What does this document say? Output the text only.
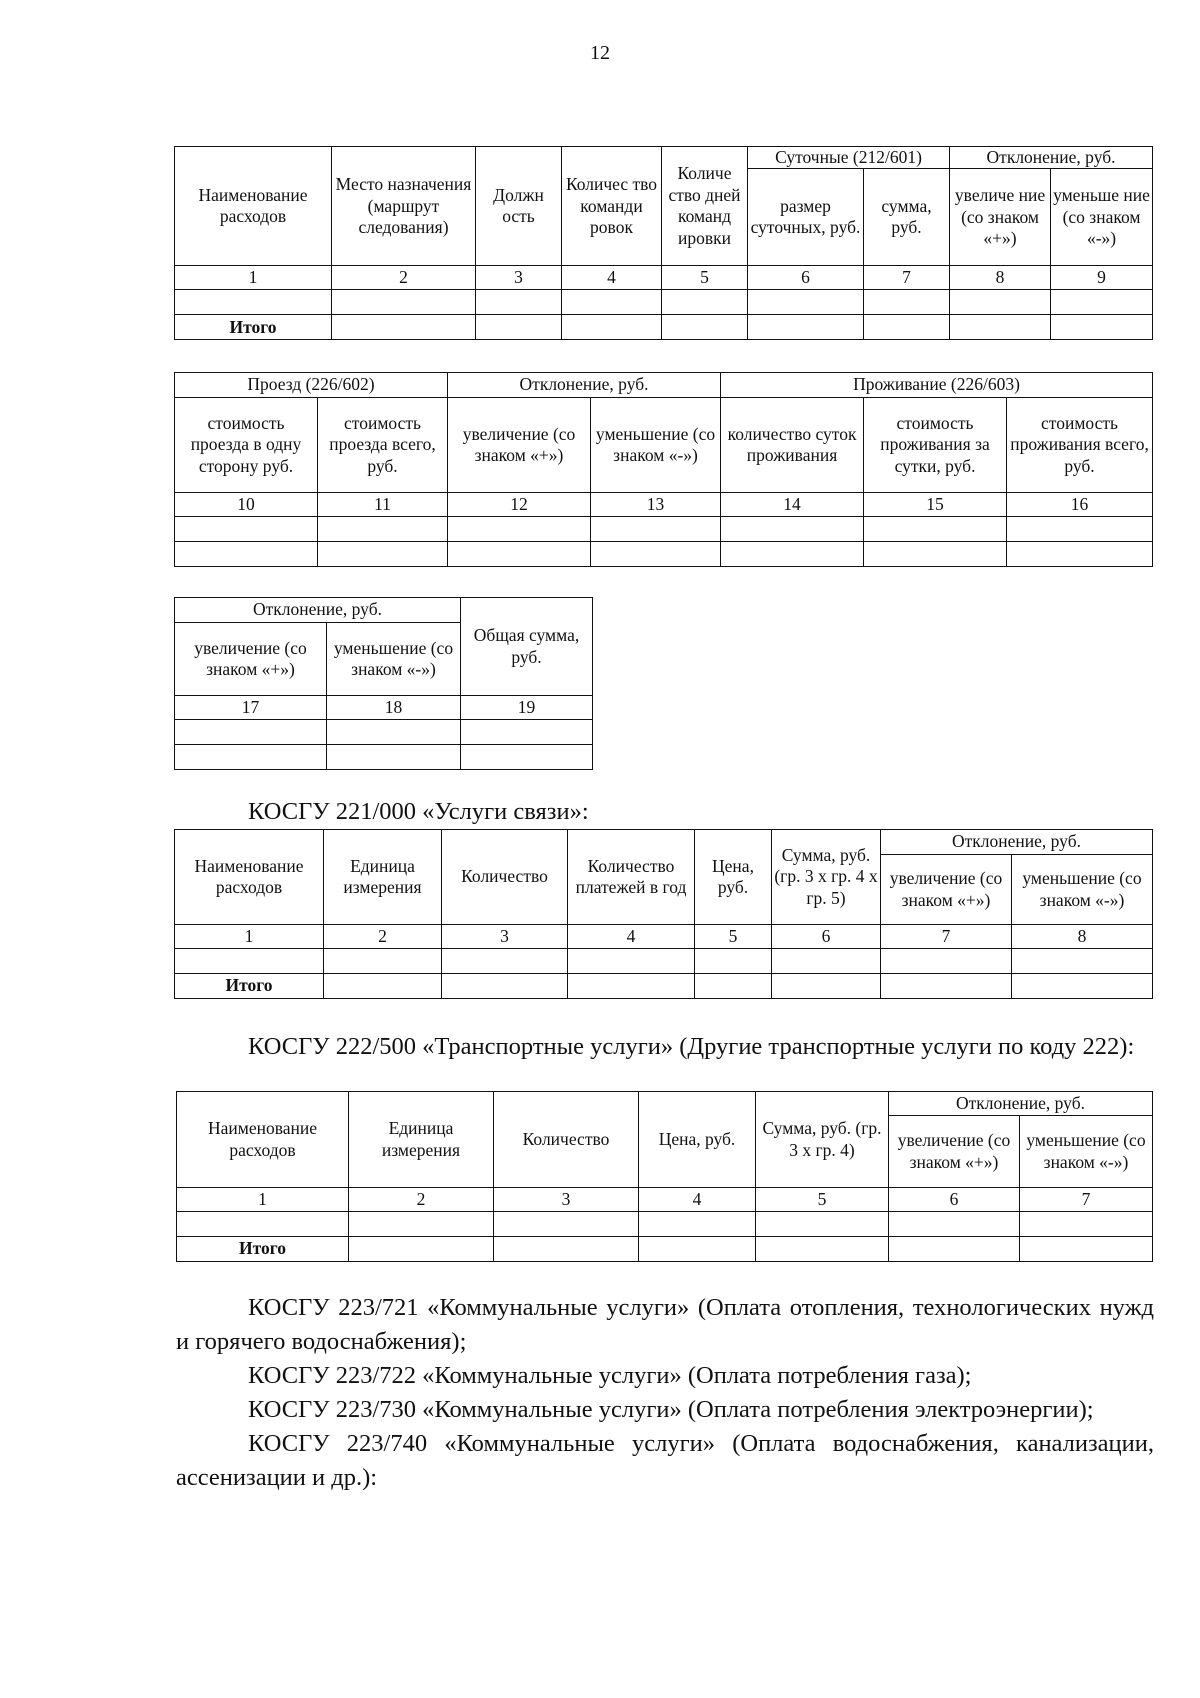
12
Наименование расходов	Место назначения (маршрут следования)	Должн ость	Количес тво команди ровок	Количе ство дней команд ировки	Суточные (212/601)		Отклонение, руб.	
					размер суточных, руб.	сумма, руб.	увеличе ние (со знаком «+»)	уменьше ние (со знаком «-»)
1	2	3	4	5	6	7	8	9

Итого								
Проезд (226/602)		Отклонение, руб.		Проживание (226/603)		
стоимость проезда в одну сторону руб.	стоимость проезда всего, руб.	увеличение (со знаком «+»)	уменьшение (со знаком «-»)	количество суток проживания	стоимость проживания за сутки, руб.	стоимость проживания всего, руб.
10	11	12	13	14	15	16

Отклонение, руб.		Общая сумма, руб.
увеличение (со знаком «+»)	уменьшение (со знаком «-»)	
17	18	19

КОСГУ 221/000 «Услуги связи»:
Наименование расходов	Единица измерения	Количество	Количество платежей в год	Цена, руб.	Сумма, руб. (гр. 3 х гр. 4 х гр. 5)	Отклонение, руб.	
						увеличение (со знаком «+»)	уменьшение (со знаком «-»)
1	2	3	4	5	6	7	8

Итого							
КОСГУ 222/500 «Транспортные услуги» (Другие транспортные услуги по коду 222):
Наименование расходов	Единица измерения	Количество	Цена, руб.	Сумма, руб. (гр. 3 х гр. 4)	Отклонение, руб.	
					увеличение (со знаком «+»)	уменьшение (со знаком «-»)
1	2	3	4	5	6	7

Итого						
КОСГУ 223/721 «Коммунальные услуги» (Оплата отопления, технологических нужд и горячего водоснабжения);
КОСГУ 223/722 «Коммунальные услуги» (Оплата потребления газа);
КОСГУ 223/730 «Коммунальные услуги» (Оплата потребления электроэнергии);
КОСГУ 223/740 «Коммунальные услуги» (Оплата водоснабжения, канализации, ассенизации и др.):
